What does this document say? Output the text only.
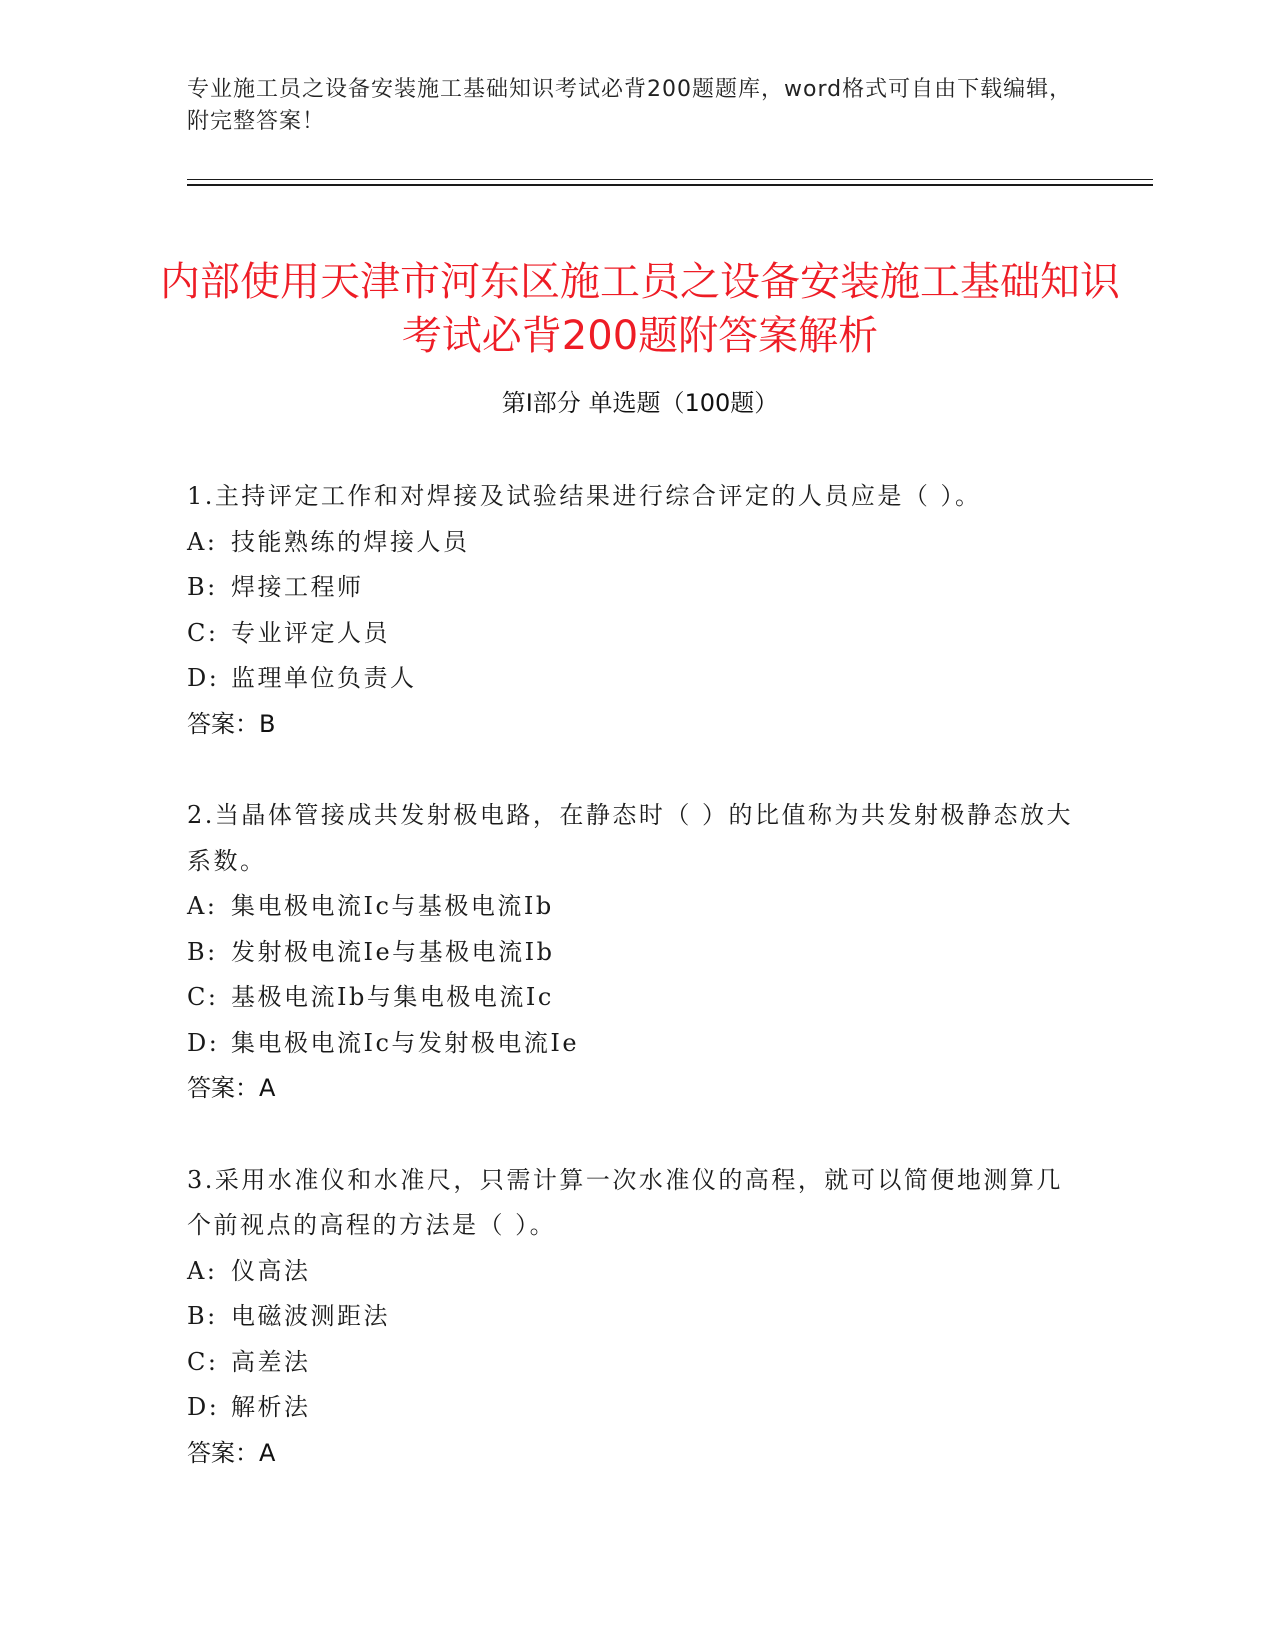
专业施工员之设备安装施工基础知识考试必背200题题库，word格式可自由下载编辑，附完整答案！
内部使用天津市河东区施工员之设备安装施工基础知识考试必背200题附答案解析
第Ⅰ部分 单选题（100题）

1.主持评定工作和对焊接及试验结果进行综合评定的人员应是（ ）。

A: 技能熟练的焊接人员

B: 焊接工程师

C: 专业评定人员

D: 监理单位负责人

答案：B

2.当晶体管接成共发射极电路，在静态时（ ）的比值称为共发射极静态放大系数。

A: 集电极电流Ic与基极电流Ib

B: 发射极电流Ie与基极电流Ib

C: 基极电流Ib与集电极电流Ic

D: 集电极电流Ic与发射极电流Ie

答案：A

3.采用水准仪和水准尺，只需计算一次水准仪的高程，就可以简便地测算几个前视点的高程的方法是（ ）。

A: 仪高法

B: 电磁波测距法

C: 高差法

D: 解析法

答案：A
